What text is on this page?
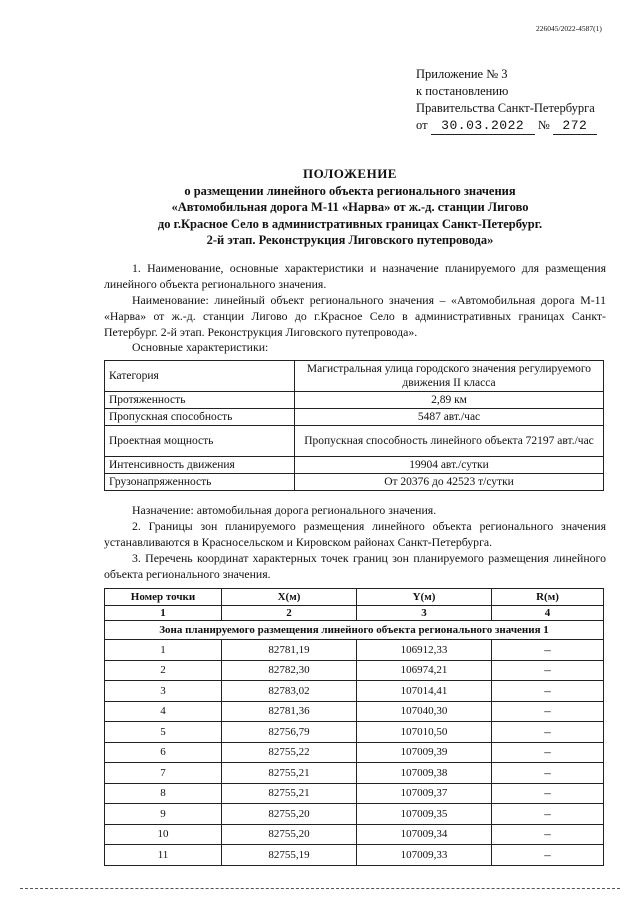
226045/2022-4587(1)
Приложение № 3
к постановлению
Правительства Санкт-Петербурга
от 30.03.2022 № 272
ПОЛОЖЕНИЕ
о размещении линейного объекта регионального значения
«Автомобильная дорога М-11 «Нарва» от ж.-д. станции Лигово
до г.Красное Село в административных границах Санкт-Петербург.
2-й этап. Реконструкция Лиговского путепровода»
1. Наименование, основные характеристики и назначение планируемого для размещения линейного объекта регионального значения.
Наименование: линейный объект регионального значения – «Автомобильная дорога М-11 «Нарва» от ж.-д. станции Лигово до г.Красное Село в административных границах Санкт-Петербург. 2-й этап. Реконструкция Лиговского путепровода».
Основные характеристики:
Категория	Магистральная улица городского значения регулируемого движения II класса
Протяженность	2,89 км
Пропускная способность	5487 авт./час
Проектная мощность	Пропускная способность линейного объекта 72197 авт./час
Интенсивность движения	19904 авт./сутки
Грузонапряженность	От 20376 до 42523 т/сутки
Назначение: автомобильная дорога регионального значения.
2. Границы зон планируемого размещения линейного объекта регионального значения устанавливаются в Красносельском и Кировском районах Санкт-Петербурга.
3. Перечень координат характерных точек границ зон планируемого размещения линейного объекта регионального значения.
Номер точки	X(м)	Y(м)	R(м)
1	2	3	4
Зона планируемого размещения линейного объекта регионального значения 1			
1	82781,19	106912,33	–
2	82782,30	106974,21	–
3	82783,02	107014,41	–
4	82781,36	107040,30	–
5	82756,79	107010,50	–
6	82755,22	107009,39	–
7	82755,21	107009,38	–
8	82755,21	107009,37	–
9	82755,20	107009,35	–
10	82755,20	107009,34	–
11	82755,19	107009,33	–
